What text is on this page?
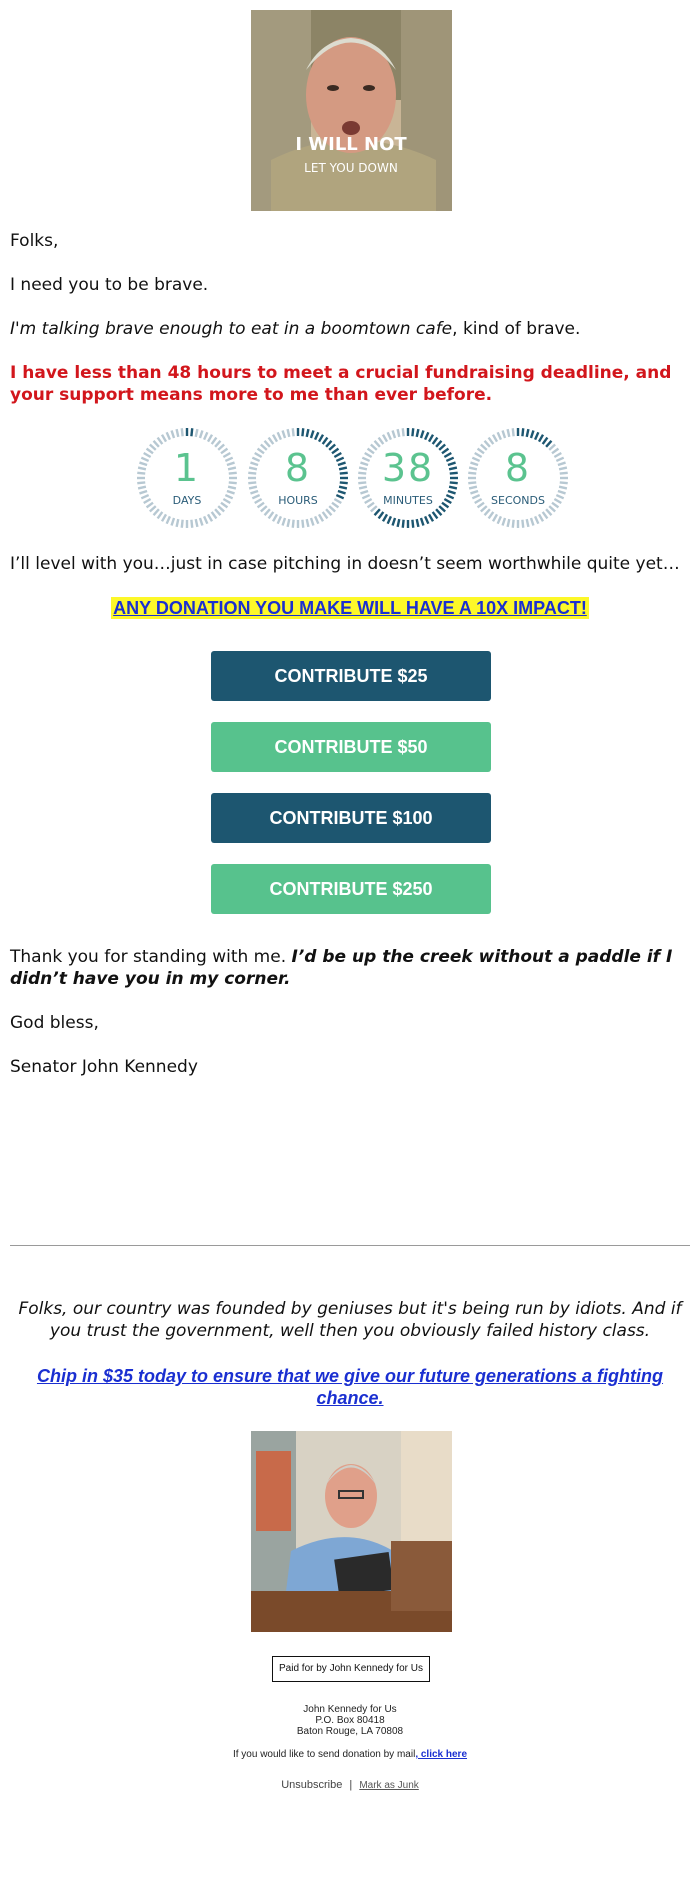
I WILL NOT
LET YOU DOWN
Folks,
I need you to be brave.
I'm talking brave enough to eat in a boomtown cafe, kind of brave.
I have less than 48 hours to meet a crucial fundraising deadline, and your support means more to me than ever before.
1
DAYS
8
HOURS
38
MINUTES
8
SECONDS
I’ll level with you…just in case pitching in doesn’t seem worthwhile quite yet…
ANY DONATION YOU MAKE WILL HAVE A 10X IMPACT!
CONTRIBUTE $25
CONTRIBUTE $50
CONTRIBUTE $100
CONTRIBUTE $250
Thank you for standing with me. I’d be up the creek without a paddle if I didn’t have you in my corner.
God bless,
Senator John Kennedy
Folks, our country was founded by geniuses but it's being run by idiots. And if you trust the government, well then you obviously failed history class.
Chip in $35 today to ensure that we give our future generations a fighting chance.
Paid for by John Kennedy for Us
John Kennedy for Us
P.O. Box 80418
Baton Rouge, LA 70808
If you would like to send donation by mail, click here
Unsubscribe | Mark as Junk
